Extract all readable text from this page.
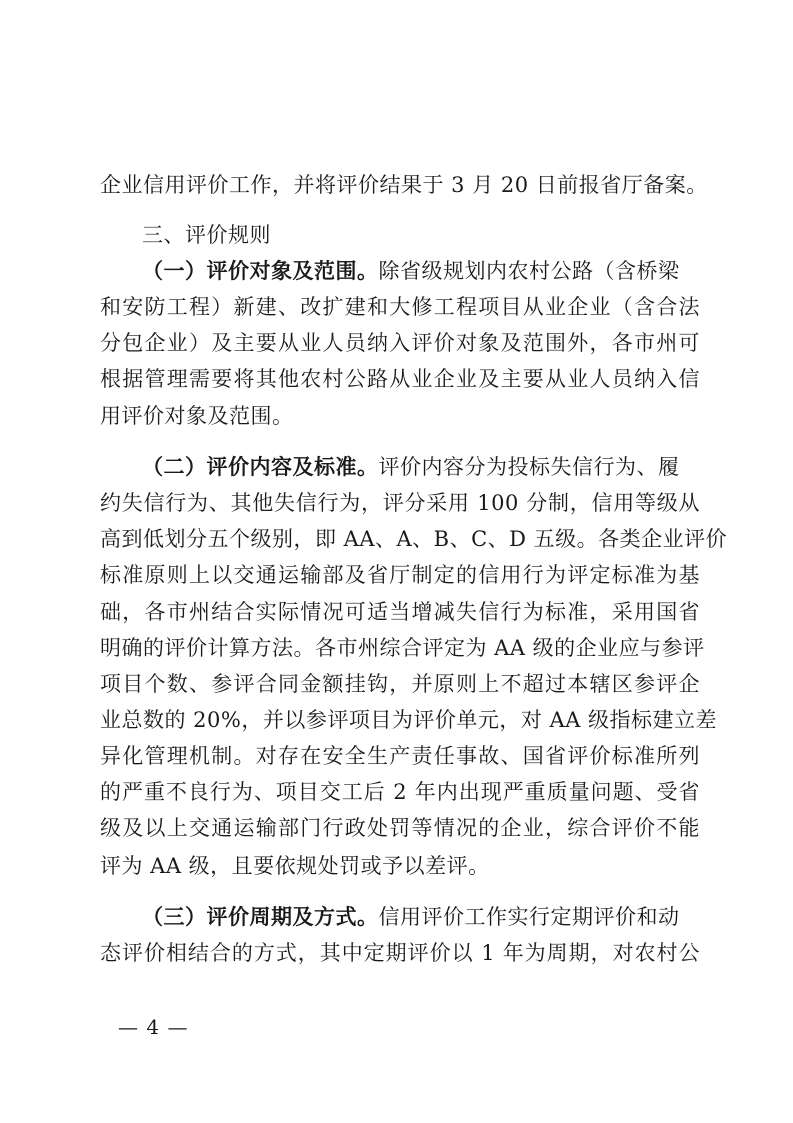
企业信用评价工作，并将评价结果于 3 月 20 日前报省厅备案。
三、评价规则
（一）评价对象及范围。除省级规划内农村公路（含桥梁
和安防工程）新建、改扩建和大修工程项目从业企业（含合法
分包企业）及主要从业人员纳入评价对象及范围外，各市州可
根据管理需要将其他农村公路从业企业及主要从业人员纳入信
用评价对象及范围。
（二）评价内容及标准。评价内容分为投标失信行为、履
约失信行为、其他失信行为，评分采用 100 分制，信用等级从
高到低划分五个级别，即 AA、A、B、C、D 五级。各类企业评价
标准原则上以交通运输部及省厅制定的信用行为评定标准为基
础，各市州结合实际情况可适当增减失信行为标准，采用国省
明确的评价计算方法。各市州综合评定为 AA 级的企业应与参评
项目个数、参评合同金额挂钩，并原则上不超过本辖区参评企
业总数的 20%，并以参评项目为评价单元，对 AA 级指标建立差
异化管理机制。对存在安全生产责任事故、国省评价标准所列
的严重不良行为、项目交工后 2 年内出现严重质量问题、受省
级及以上交通运输部门行政处罚等情况的企业，综合评价不能
评为 AA 级，且要依规处罚或予以差评。
（三）评价周期及方式。信用评价工作实行定期评价和动
态评价相结合的方式，其中定期评价以 1 年为周期，对农村公
— 4 —
